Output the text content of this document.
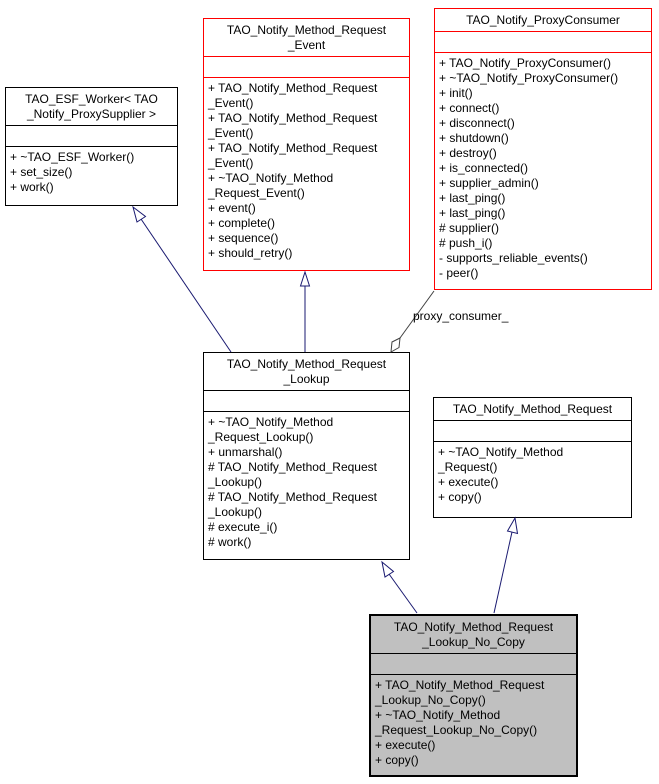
TAO_ESF_Worker< TAO
_Notify_ProxySupplier >
+ ~TAO_ESF_Worker()
+ set_size()
+ work()
TAO_Notify_Method_Request
_Event
+ TAO_Notify_Method_Request
_Event()
+ TAO_Notify_Method_Request
_Event()
+ TAO_Notify_Method_Request
_Event()
+ ~TAO_Notify_Method
_Request_Event()
+ event()
+ complete()
+ sequence()
+ should_retry()
TAO_Notify_ProxyConsumer
+ TAO_Notify_ProxyConsumer()
+ ~TAO_Notify_ProxyConsumer()
+ init()
+ connect()
+ disconnect()
+ shutdown()
+ destroy()
+ is_connected()
+ supplier_admin()
+ last_ping()
+ last_ping()
# supplier()
# push_i()
- supports_reliable_events()
- peer()
TAO_Notify_Method_Request
_Lookup
+ ~TAO_Notify_Method
_Request_Lookup()
+ unmarshal()
# TAO_Notify_Method_Request
_Lookup()
# TAO_Notify_Method_Request
_Lookup()
# execute_i()
# work()
TAO_Notify_Method_Request
+ ~TAO_Notify_Method
_Request()
+ execute()
+ copy()
TAO_Notify_Method_Request
_Lookup_No_Copy
+ TAO_Notify_Method_Request
_Lookup_No_Copy()
+ ~TAO_Notify_Method
_Request_Lookup_No_Copy()
+ execute()
+ copy()
proxy_consumer_
